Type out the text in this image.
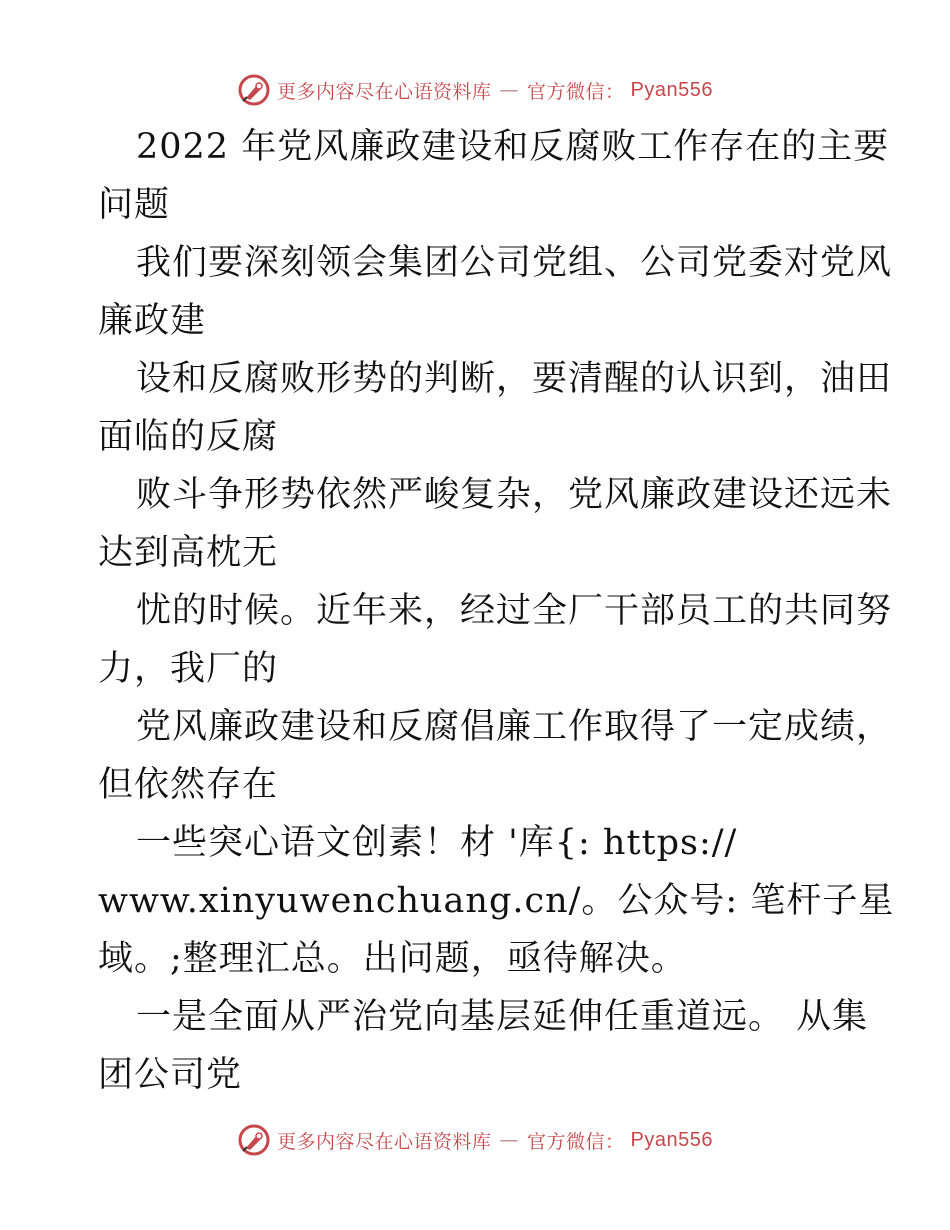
更多内容尽在心语资料库 — 官方微信： Pyan556
2022 年党风廉政建设和反腐败工作存在的主要
问题
我们要深刻领会集团公司党组、公司党委对党风
廉政建
设和反腐败形势的判断，要清醒的认识到，油田
面临的反腐
败斗争形势依然严峻复杂，党风廉政建设还远未
达到高枕无
忧的时候。近年来，经过全厂干部员工的共同努
力，我厂的
党风廉政建设和反腐倡廉工作取得了一定成绩，
但依然存在
一些突心语文创素！材 '库{: https://
www.xinyuwenchuang.cn/。公众号: 笔杆子星
域。;整理汇总。出问题，亟待解决。
一是全面从严治党向基层延伸任重道远。 从集
团公司党
更多内容尽在心语资料库 — 官方微信： Pyan556
